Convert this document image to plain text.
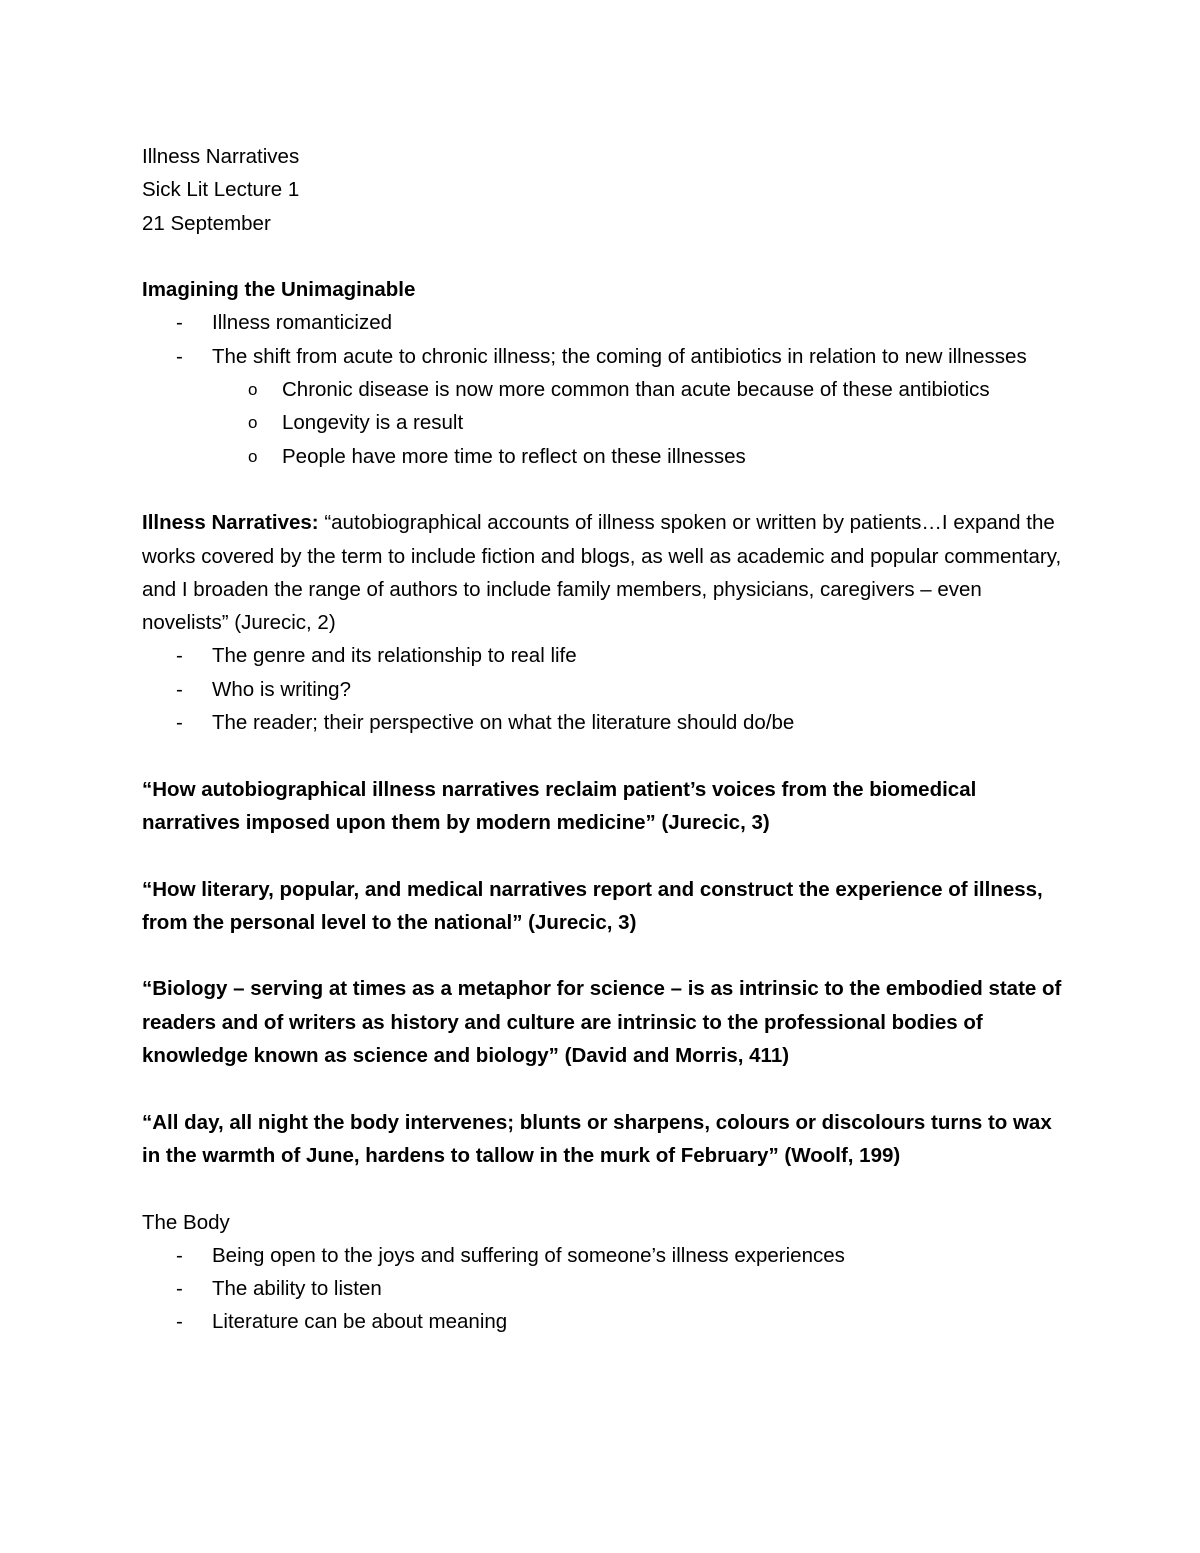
Illness Narratives

Sick Lit Lecture 1

21 September

Imagining the Unimaginable

- Illness romanticized
- The shift from acute to chronic illness; the coming of antibiotics in relation to new illnesses
o Chronic disease is now more common than acute because of these antibiotics
o Longevity is a result
o People have more time to reflect on these illnesses

Illness Narratives: “autobiographical accounts of illness spoken or written by patients…I expand the works covered by the term to include fiction and blogs, as well as academic and popular commentary, and I broaden the range of authors to include family members, physicians, caregivers – even novelists” (Jurecic, 2)

- The genre and its relationship to real life
- Who is writing?
- The reader; their perspective on what the literature should do/be

“How autobiographical illness narratives reclaim patient’s voices from the biomedical

narratives imposed upon them by modern medicine” (Jurecic, 3)

“How literary, popular, and medical narratives report and construct the experience of illness,

from the personal level to the national” (Jurecic, 3)

“Biology – serving at times as a metaphor for science – is as intrinsic to the embodied state of

readers and of writers as history and culture are intrinsic to the professional bodies of

knowledge known as science and biology” (David and Morris, 411)

“All day, all night the body intervenes; blunts or sharpens, colours or discolours turns to wax

in the warmth of June, hardens to tallow in the murk of February” (Woolf, 199)

The Body

- Being open to the joys and suffering of someone’s illness experiences
- The ability to listen
- Literature can be about meaning
